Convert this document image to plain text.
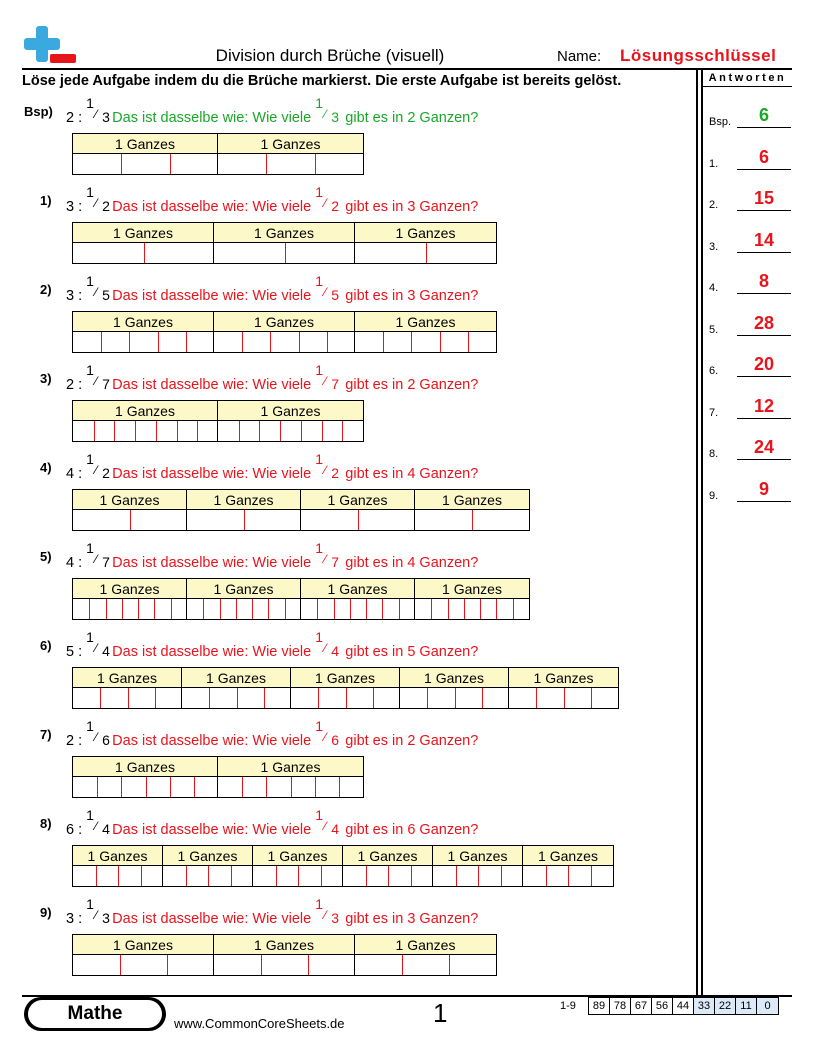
Division durch Brüche (visuell)	Name: Lösungsschlüssel
Löse jede Aufgabe indem du die Brüche markierst. Die erste Aufgabe ist bereits gelöst.	Antworten
Bsp.	6
1.	6
2.	15
3.	14
4.	8
5.	28
6.	20
7.	12
8.	24
9.	9
Bsp) 2 :
1
⁄ 3 Das ist dasselbe wie: Wie viele
1
⁄ 3 gibt es in 2 Ganzen?
1 Ganzes	1 Ganzes
1) 3 :
1
⁄ 2 Das ist dasselbe wie: Wie viele
1
⁄ 2 gibt es in 3 Ganzen?
1 Ganzes	1 Ganzes	1 Ganzes
2) 3 :
1
⁄ 5 Das ist dasselbe wie: Wie viele
1
⁄ 5 gibt es in 3 Ganzen?
1 Ganzes	1 Ganzes	1 Ganzes
3) 2 :
1
⁄ 7 Das ist dasselbe wie: Wie viele
1
⁄ 7 gibt es in 2 Ganzen?
1 Ganzes	1 Ganzes
4) 4 :
1
⁄ 2 Das ist dasselbe wie: Wie viele
1
⁄ 2 gibt es in 4 Ganzen?
1 Ganzes	1 Ganzes	1 Ganzes	1 Ganzes
5) 4 :
1
⁄ 7 Das ist dasselbe wie: Wie viele
1
⁄ 7 gibt es in 4 Ganzen?
1 Ganzes	1 Ganzes	1 Ganzes	1 Ganzes
6) 5 :
1
⁄ 4 Das ist dasselbe wie: Wie viele
1
⁄ 4 gibt es in 5 Ganzen?
1 Ganzes	1 Ganzes	1 Ganzes	1 Ganzes	1 Ganzes
7) 2 :
1
⁄ 6 Das ist dasselbe wie: Wie viele
1
⁄ 6 gibt es in 2 Ganzen?
1 Ganzes	1 Ganzes
8) 6 :
1
⁄ 4 Das ist dasselbe wie: Wie viele
1
⁄ 4 gibt es in 6 Ganzen?
1 Ganzes	1 Ganzes	1 Ganzes	1 Ganzes	1 Ganzes	1 Ganzes
9) 3 :
1
⁄ 3 Das ist dasselbe wie: Wie viele
1
⁄ 3 gibt es in 3 Ganzen?
1 Ganzes	1 Ganzes	1 Ganzes
Mathe	www.CommonCoreSheets.de	1	1-9	89 78 67 56 44 33 22 11	0
